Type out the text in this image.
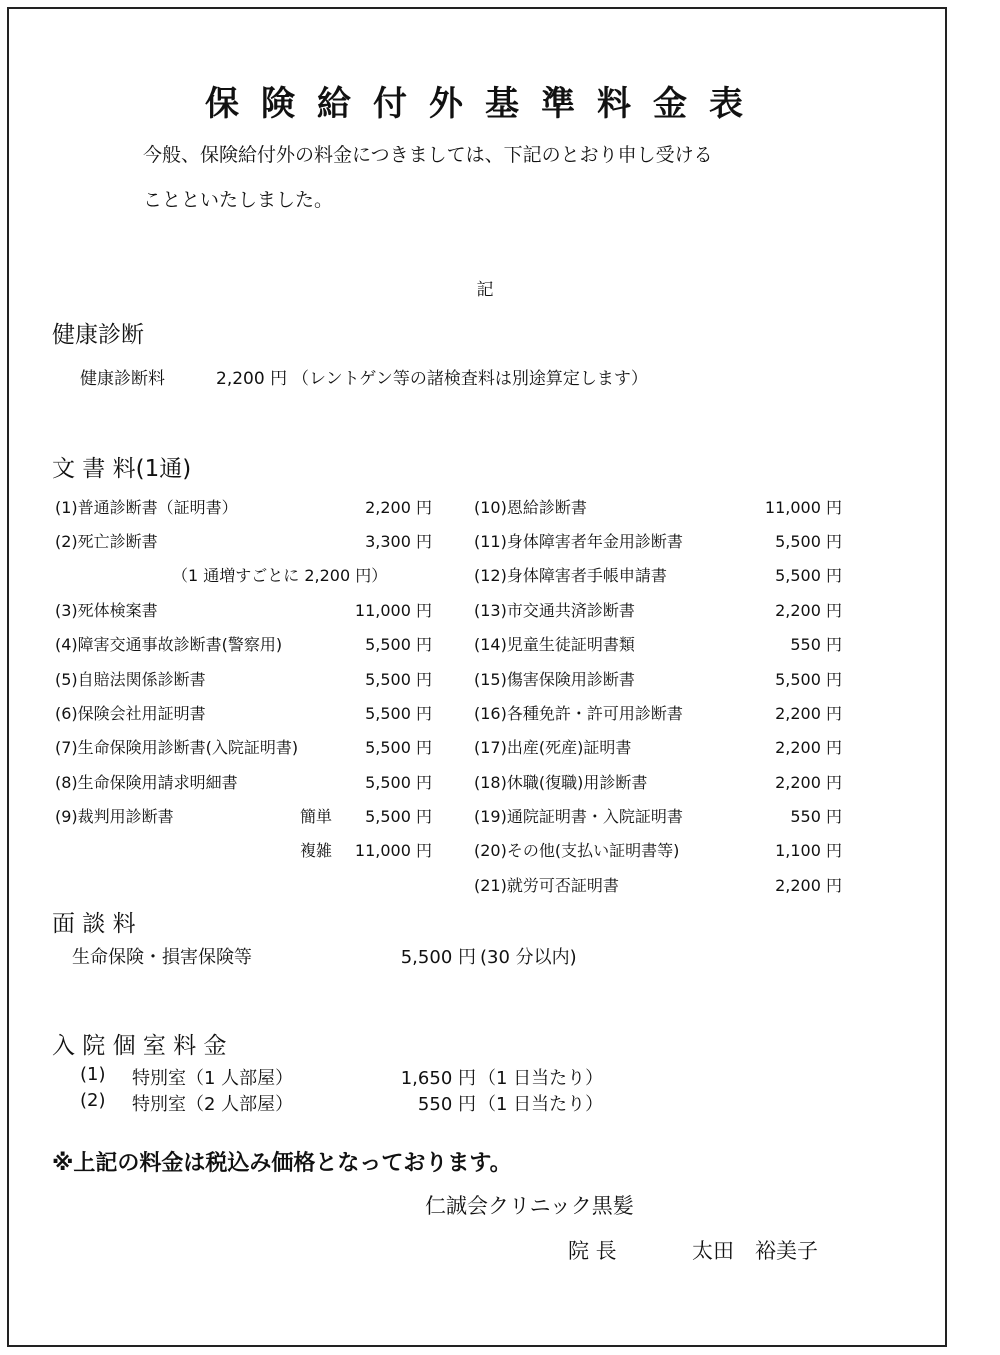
保険給付外基準料金表
今般、保険給付外の料金につきましては、下記のとおり申し受ける
ことといたしました。
記
健康診断
健康診断料	2,200 円 （レントゲン等の諸検査料は別途算定します）
文 書 料(1通)
(1)普通診断書（証明書）	2,200 円
(2)死亡診断書	3,300 円
（1 通増すごとに 2,200 円）
(3)死体検案書	11,000 円
(4)障害交通事故診断書(警察用)	5,500 円
(5)自賠法関係診断書	5,500 円
(6)保険会社用証明書	5,500 円
(7)生命保険用診断書(入院証明書)	5,500 円
(8)生命保険用請求明細書	5,500 円
(9)裁判用診断書	簡単	5,500 円
複雑	11,000 円
(10)恩給診断書	11,000 円
(11)身体障害者年金用診断書	5,500 円
(12)身体障害者手帳申請書	5,500 円
(13)市交通共済診断書	2,200 円
(14)児童生徒証明書類	550 円
(15)傷害保険用診断書	5,500 円
(16)各種免許・許可用診断書	2,200 円
(17)出産(死産)証明書	2,200 円
(18)休職(復職)用診断書	2,200 円
(19)通院証明書・入院証明書	550 円
(20)その他(支払い証明書等)	1,100 円
(21)就労可否証明書	2,200 円
面 談 料
生命保険・損害保険等	5,500 円 (30 分以内)
入 院 個 室 料 金
(1) 特別室（1 人部屋）	1,650 円 （1 日当たり）
(2) 特別室（2 人部屋）	550 円 （1 日当たり）
※上記の料金は税込み価格となっております。
仁誠会クリニック黒髪
院 長	太田　裕美子
